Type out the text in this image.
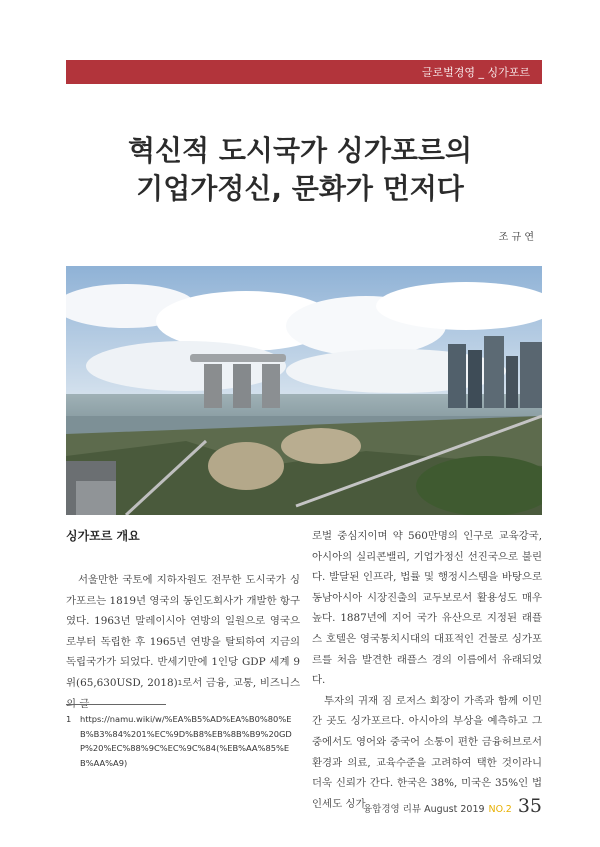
글로벌경영 _ 싱가포르
혁신적 도시국가 싱가포르의
기업가정신, 문화가 먼저다
조 규 연
싱가포르 개요

서울만한 국토에 지하자원도 전무한 도시국가 싱가포르는 1819년 영국의 동인도회사가 개발한 항구였다. 1963년 말레이시아 연방의 일원으로 영국으로부터 독립한 후 1965년 연방을 탈퇴하여 지금의 독립국가가 되었다. 반세기만에 1인당 GDP 세계 9위(65,630USD, 2018)$^1$로서 금융, 교통, 비즈니스의 글

로벌 중심지이며 약 560만명의 인구로 교육강국, 아시아의 실리콘밸리, 기업가정신 선진국으로 불린다. 발달된 인프라, 법률 및 행정시스템을 바탕으로 동남아시아 시장진출의 교두보로서 활용성도 매우 높다. 1887년에 지어 국가 유산으로 지정된 래플스 호텔은 영국통치시대의 대표적인 건물로 싱가포르를 처음 발견한 래플스 경의 이름에서 유래되었다.

투자의 귀재 짐 로저스 회장이 가족과 함께 이민간 곳도 싱가포르다. 아시아의 부상을 예측하고 그 중에서도 영어와 중국어 소통이 편한 금융허브로서 환경과 의료, 교육수준을 고려하여 택한 것이라니 더욱 신뢰가 간다. 한국은 38%, 미국은 35%인 법인세도 싱가

1 https://namu.wiki/w/%EA%B5%AD%EA%B0%80%EB%B3%84%201%EC%9D%B8%EB%8B%B9%20GDP%20%EC%88%9C%EC%9C%84(%EB%AA%85%EB%AA%A9)
융합경영 리뷰 August 2019 NO.2 35
